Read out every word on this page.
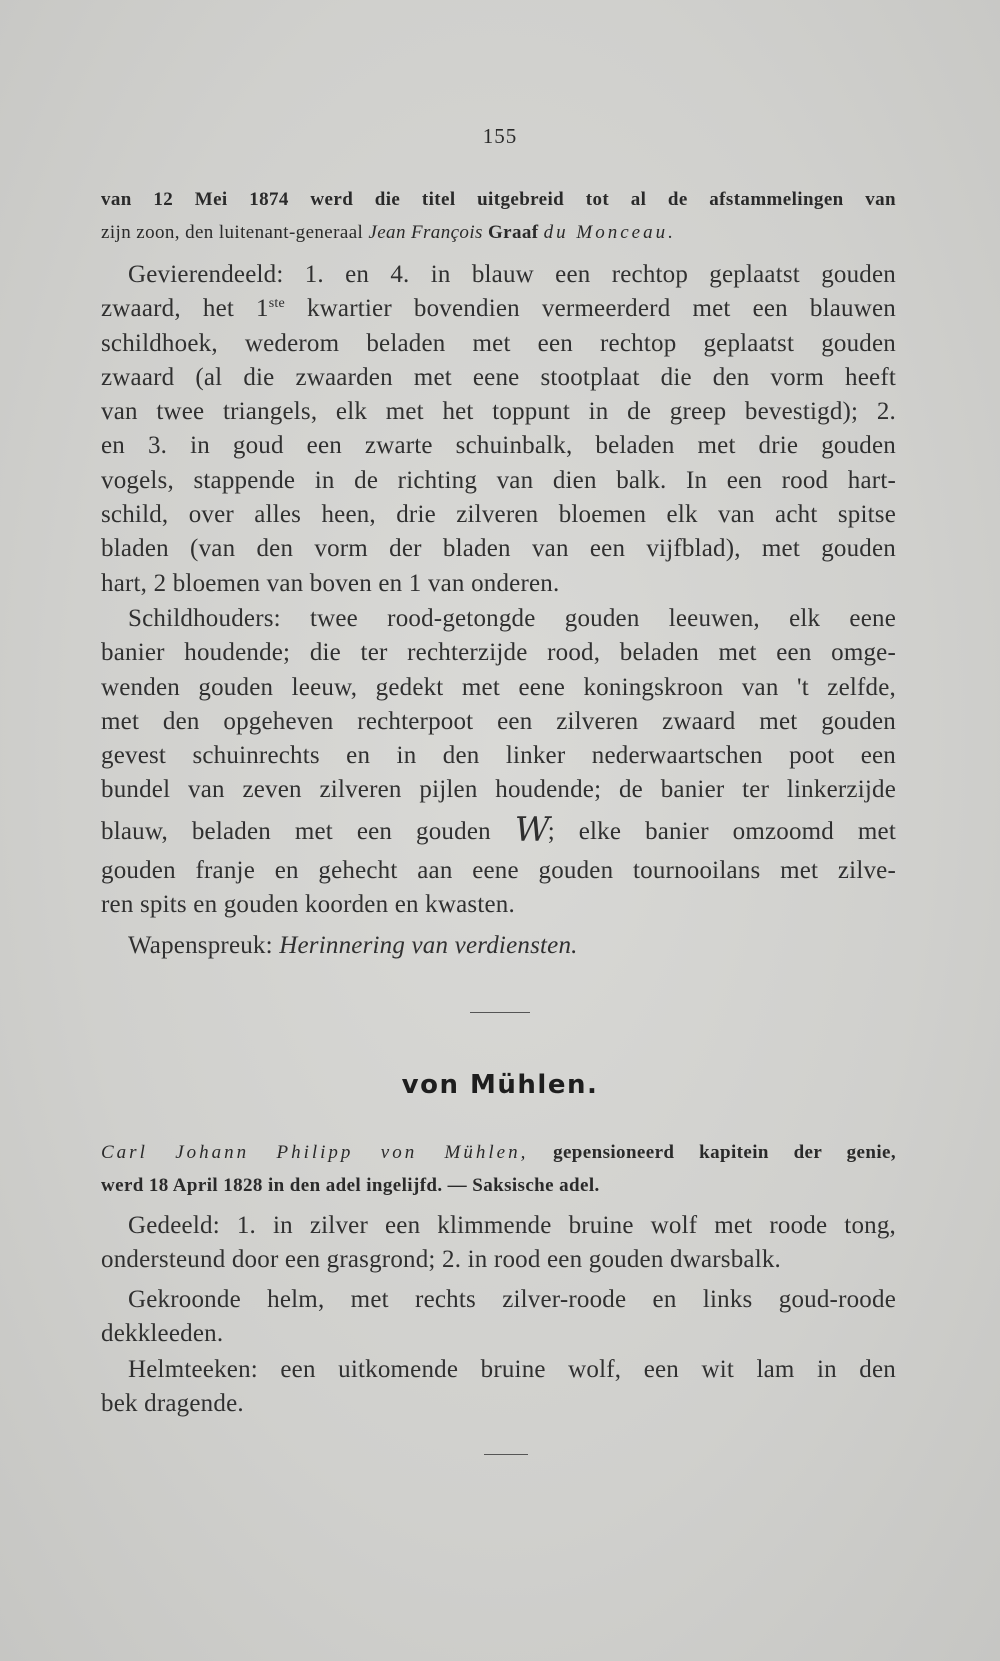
155
van 12 Mei 1874 werd die titel uitgebreid tot al de afstammelingen van
zijn zoon, den luitenant-generaal Jean François Graaf du Monceau.
Gevierendeeld: 1. en 4. in blauw een rechtop geplaatst gouden
zwaard, het 1ste kwartier bovendien vermeerderd met een blauwen
schildhoek, wederom beladen met een rechtop geplaatst gouden
zwaard (al die zwaarden met eene stootplaat die den vorm heeft
van twee triangels, elk met het toppunt in de greep bevestigd); 2.
en 3. in goud een zwarte schuinbalk, beladen met drie gouden
vogels, stappende in de richting van dien balk. In een rood hart-
schild, over alles heen, drie zilveren bloemen elk van acht spitse
bladen (van den vorm der bladen van een vijfblad), met gouden
hart, 2 bloemen van boven en 1 van onderen.
Schildhouders: twee rood-getongde gouden leeuwen, elk eene
banier houdende; die ter rechterzijde rood, beladen met een omge-
wenden gouden leeuw, gedekt met eene koningskroon van 't zelfde,
met den opgeheven rechterpoot een zilveren zwaard met gouden
gevest schuinrechts en in den linker nederwaartschen poot een
bundel van zeven zilveren pijlen houdende; de banier ter linkerzijde
blauw, beladen met een gouden W; elke banier omzoomd met
gouden franje en gehecht aan eene gouden tournooilans met zilve-
ren spits en gouden koorden en kwasten.
Wapenspreuk: Herinnering van verdiensten.
von Mühlen.
Carl Johann Philipp von Mühlen, gepensioneerd kapitein der genie,
werd 18 April 1828 in den adel ingelijfd. — Saksische adel.
Gedeeld: 1. in zilver een klimmende bruine wolf met roode tong,
ondersteund door een grasgrond; 2. in rood een gouden dwarsbalk.
Gekroonde helm, met rechts zilver-roode en links goud-roode
dekkleeden.
Helmteeken: een uitkomende bruine wolf, een wit lam in den
bek dragende.
